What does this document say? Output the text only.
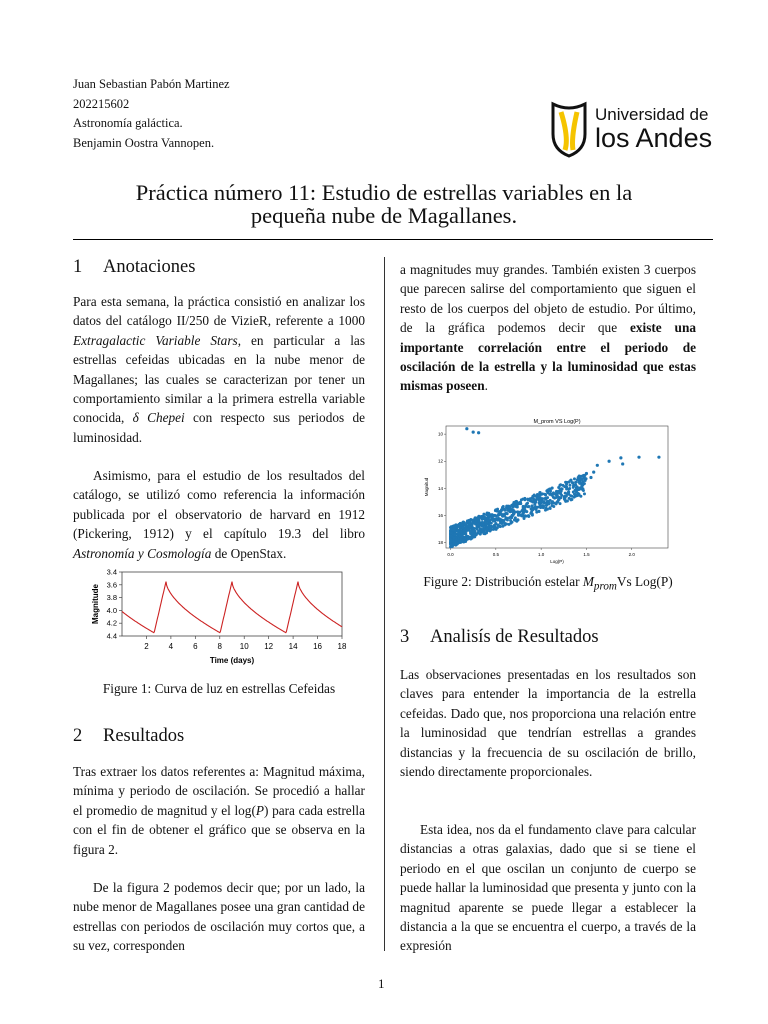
Juan Sebastian Pabón Martinez
202215602
Astronomía galáctica.
Benjamin Oostra Vannopen.
Universidad de
los Andes
Práctica número 11: Estudio de estrellas variables en la
pequeña nube de Magallanes.
1 Anotaciones

Para esta semana, la práctica consistió en analizar los datos del catálogo II/250 de VizieR, referente a 1000 Extragalactic Variable Stars, en particular a las estrellas cefeidas ubicadas en la nube menor de Magallanes; las cuales se caracterizan por tener un comportamiento similar a la primera estrella variable conocida, δ Chepei con respecto sus periodos de luminosidad.

Asimismo, para el estudio de los resultados del catálogo, se utilizó como referencia la información publicada por el observatorio de harvard en 1912 (Pickering, 1912) y el capítulo 19.3 del libro Astronomía y Cosmología de OpenStax.

2 4 6 8 10 12 14 16 18
3.4
3.6
3.8
4.0
4.2
4.4
Time (days)
Magnitude
Figure 1: Curva de luz en estrellas Cefeidas
2 Resultados

Tras extraer los datos referentes a: Magnitud máxima, mínima y periodo de oscilación. Se procedió a hallar el promedio de magnitud y el log(P) para cada estrella con el fin de obtener el gráfico que se observa en la figura 2.

De la figura 2 podemos decir que; por un lado, la nube menor de Magallanes posee una gran cantidad de estrellas con periodos de oscilación muy cortos que, a su vez, corresponden

a magnitudes muy grandes. También existen 3 cuerpos que parecen salirse del comportamiento que siguen el resto de los cuerpos del objeto de estudio. Por último, de la gráfica podemos decir que existe una importante correlación entre el periodo de oscilación de la estrella y la luminosidad que estas mismas poseen.

M_prom VS Log(P)
0.0	0.5	1.0	1.5	2.0
10
12
14
16
18
Log(P)
Magnitud
Figure 2: Distribución estelar $M_{prom}Vs$ Log(P)
3 Analisís de Resultados

Las observaciones presentadas en los resultados son claves para entender la importancia de la estrella cefeidas. Dado que, nos proporciona una relación entre la luminosidad que tendrían estrellas a grandes distancias y la frecuencia de su oscilación de brillo, siendo directamente proporcionales.

Esta idea, nos da el fundamento clave para calcular distancias a otras galaxias, dado que si se tiene el periodo en el que oscilan un conjunto de cuerpo se puede hallar la luminosidad que presenta y junto con la magnitud aparente se puede llegar a establecer la distancia a la que se encuentra el cuerpo, a través de la expresión

1
